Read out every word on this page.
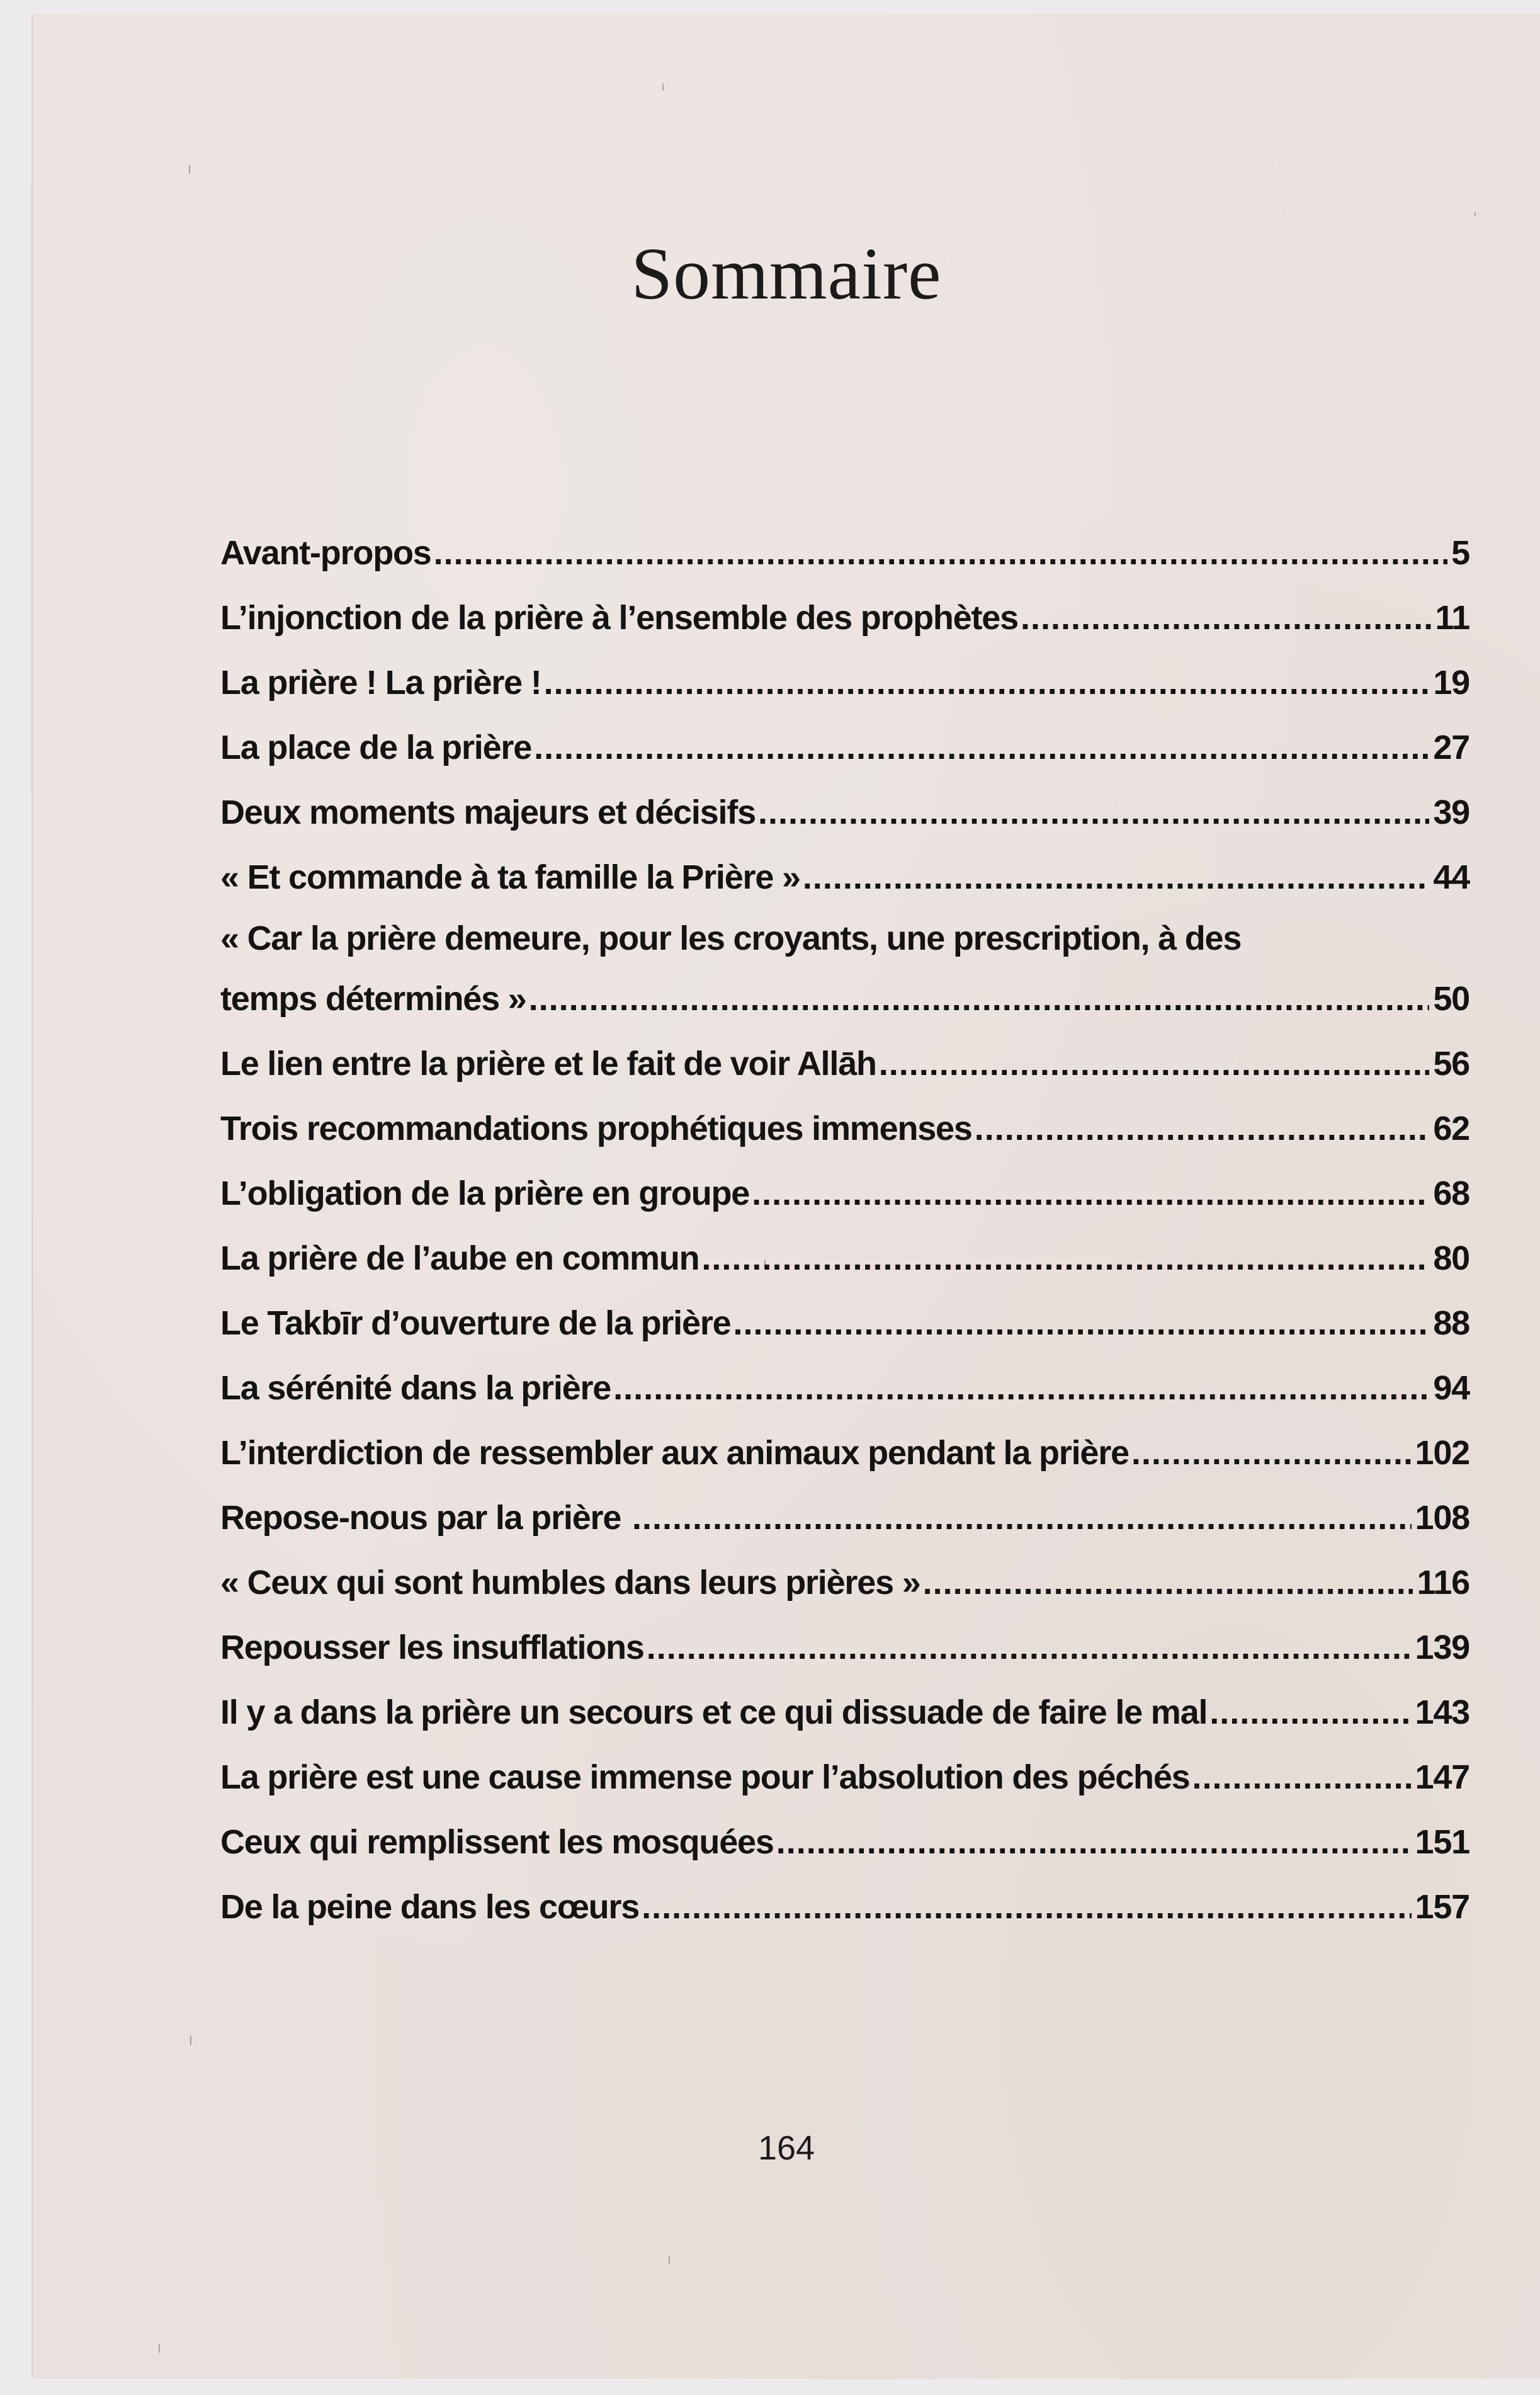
Sommaire
Avant-propos .....	5
L’injonction de la prière à l’ensemble des prophètes .....	11
La prière ! La prière ! .....	19
La place de la prière .....	27
Deux moments majeurs et décisifs .....	39
« Et commande à ta famille la Prière » .....	44
« Car la prière demeure, pour les croyants, une prescription, à des
temps déterminés » .....	50
Le lien entre la prière et le fait de voir Allāh .....	56
Trois recommandations prophétiques immenses .....	62
L’obligation de la prière en groupe .....	68
La prière de l’aube en commun .....	80
Le Takbīr d’ouverture de la prière .....	88
La sérénité dans la prière .....	94
L’interdiction de ressembler aux animaux pendant la prière .....	102
Repose-nous par la prière .....	108
« Ceux qui sont humbles dans leurs prières » .....	116
Repousser les insufflations .....	139
Il y a dans la prière un secours et ce qui dissuade de faire le mal .....	143
La prière est une cause immense pour l’absolution des péchés .....	147
Ceux qui remplissent les mosquées .....	151
De la peine dans les cœurs .....	157
164
